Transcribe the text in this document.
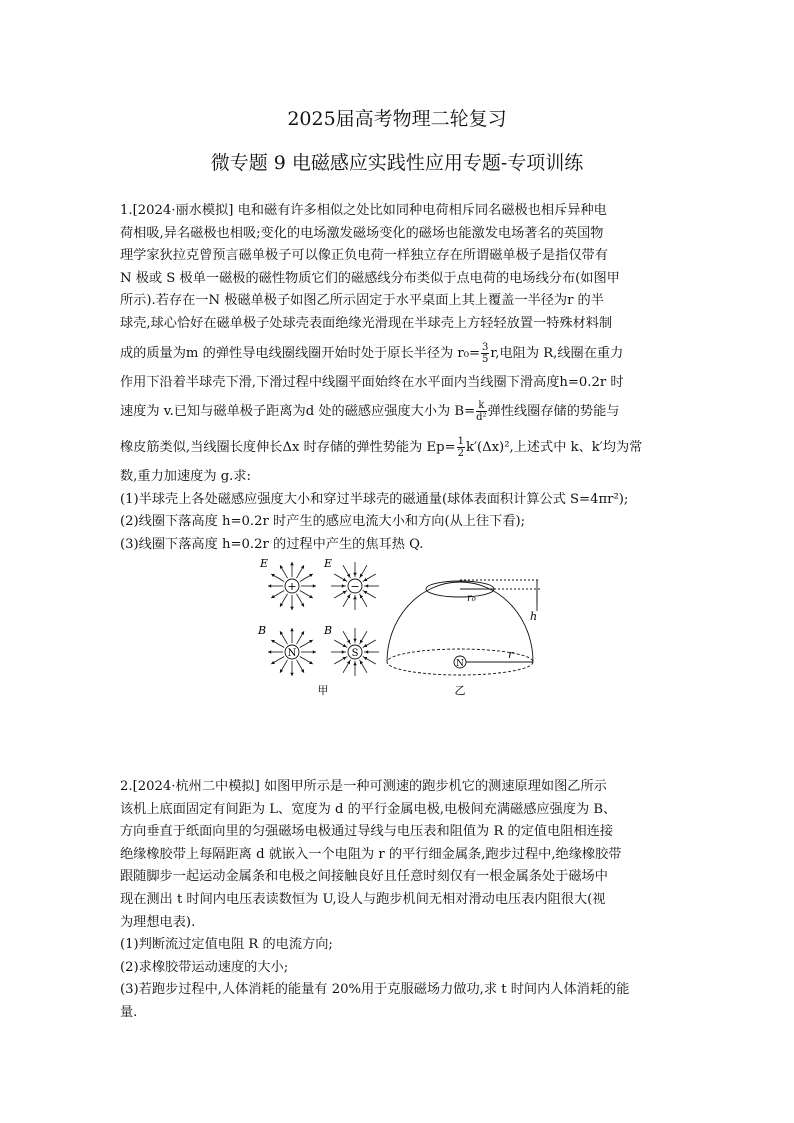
2025届高考物理二轮复习
微专题 9 电磁感应实践性应用专题-专项训练
1.[2024·丽水模拟] 电和磁有许多相似之处比如同种电荷相斥同名磁极也相斥异种电
荷相吸,异名磁极也相吸;变化的电场激发磁场变化的磁场也能激发电场著名的英国物
理学家狄拉克曾预言磁单极子可以像正负电荷一样独立存在所谓磁单极子是指仅带有
N 极或 S 极单一磁极的磁性物质它们的磁感线分布类似于点电荷的电场线分布(如图甲
所示).若存在一N 极磁单极子如图乙所示固定于水平桌面上其上覆盖一半径为r 的半
球壳,球心恰好在磁单极子处球壳表面绝缘光滑现在半球壳上方轻轻放置一特殊材料制
成的质量为m 的弹性导电线圈线圈开始时处于原长半径为 $r_0= \frac{3}{5} r$,电阻为 R,线圈在重力
作用下沿着半球壳下滑,下滑过程中线圈平面始终在水平面内当线圈下滑高度h=0.2r 时
速度为 v.已知与磁单极子距离为d 处的磁感应强度大小为 $B= \frac{k}{\text{d²}}$ 弹性线圈存储的势能与
橡皮筋类似,当线圈长度伸长Δx 时存储的弹性势能为 $Ep= \frac{1}{2} k'(\Delta x)^2$,上述式中 k、k′均为常
数,重力加速度为 g.求:
(1)半球壳上各处磁感应强度大小和穿过半球壳的磁通量(球体表面积计算公式 S=4πr²);
(2)线圈下落高度 h=0.2r 时产生的感应电流大小和方向(从上往下看);
(3)线圈下落高度 h=0.2r 的过程中产生的焦耳热 Q.
E	E
B	B
+	−
N	S
甲
N
r₀
h
r
乙
2.[2024·杭州二中模拟] 如图甲所示是一种可测速的跑步机它的测速原理如图乙所示
该机上底面固定有间距为 L、宽度为 d 的平行金属电极,电极间充满磁感应强度为 B、
方向垂直于纸面向里的匀强磁场电极通过导线与电压表和阻值为 R 的定值电阻相连接
绝缘橡胶带上每隔距离 d 就嵌入一个电阻为 r 的平行细金属条,跑步过程中,绝缘橡胶带
跟随脚步一起运动金属条和电极之间接触良好且任意时刻仅有一根金属条处于磁场中
现在测出 t 时间内电压表读数恒为 U,设人与跑步机间无相对滑动电压表内阻很大(视
为理想电表).
(1)判断流过定值电阻 R 的电流方向;
(2)求橡胶带运动速度的大小;
(3)若跑步过程中,人体消耗的能量有 20%用于克服磁场力做功,求 t 时间内人体消耗的能
量.
